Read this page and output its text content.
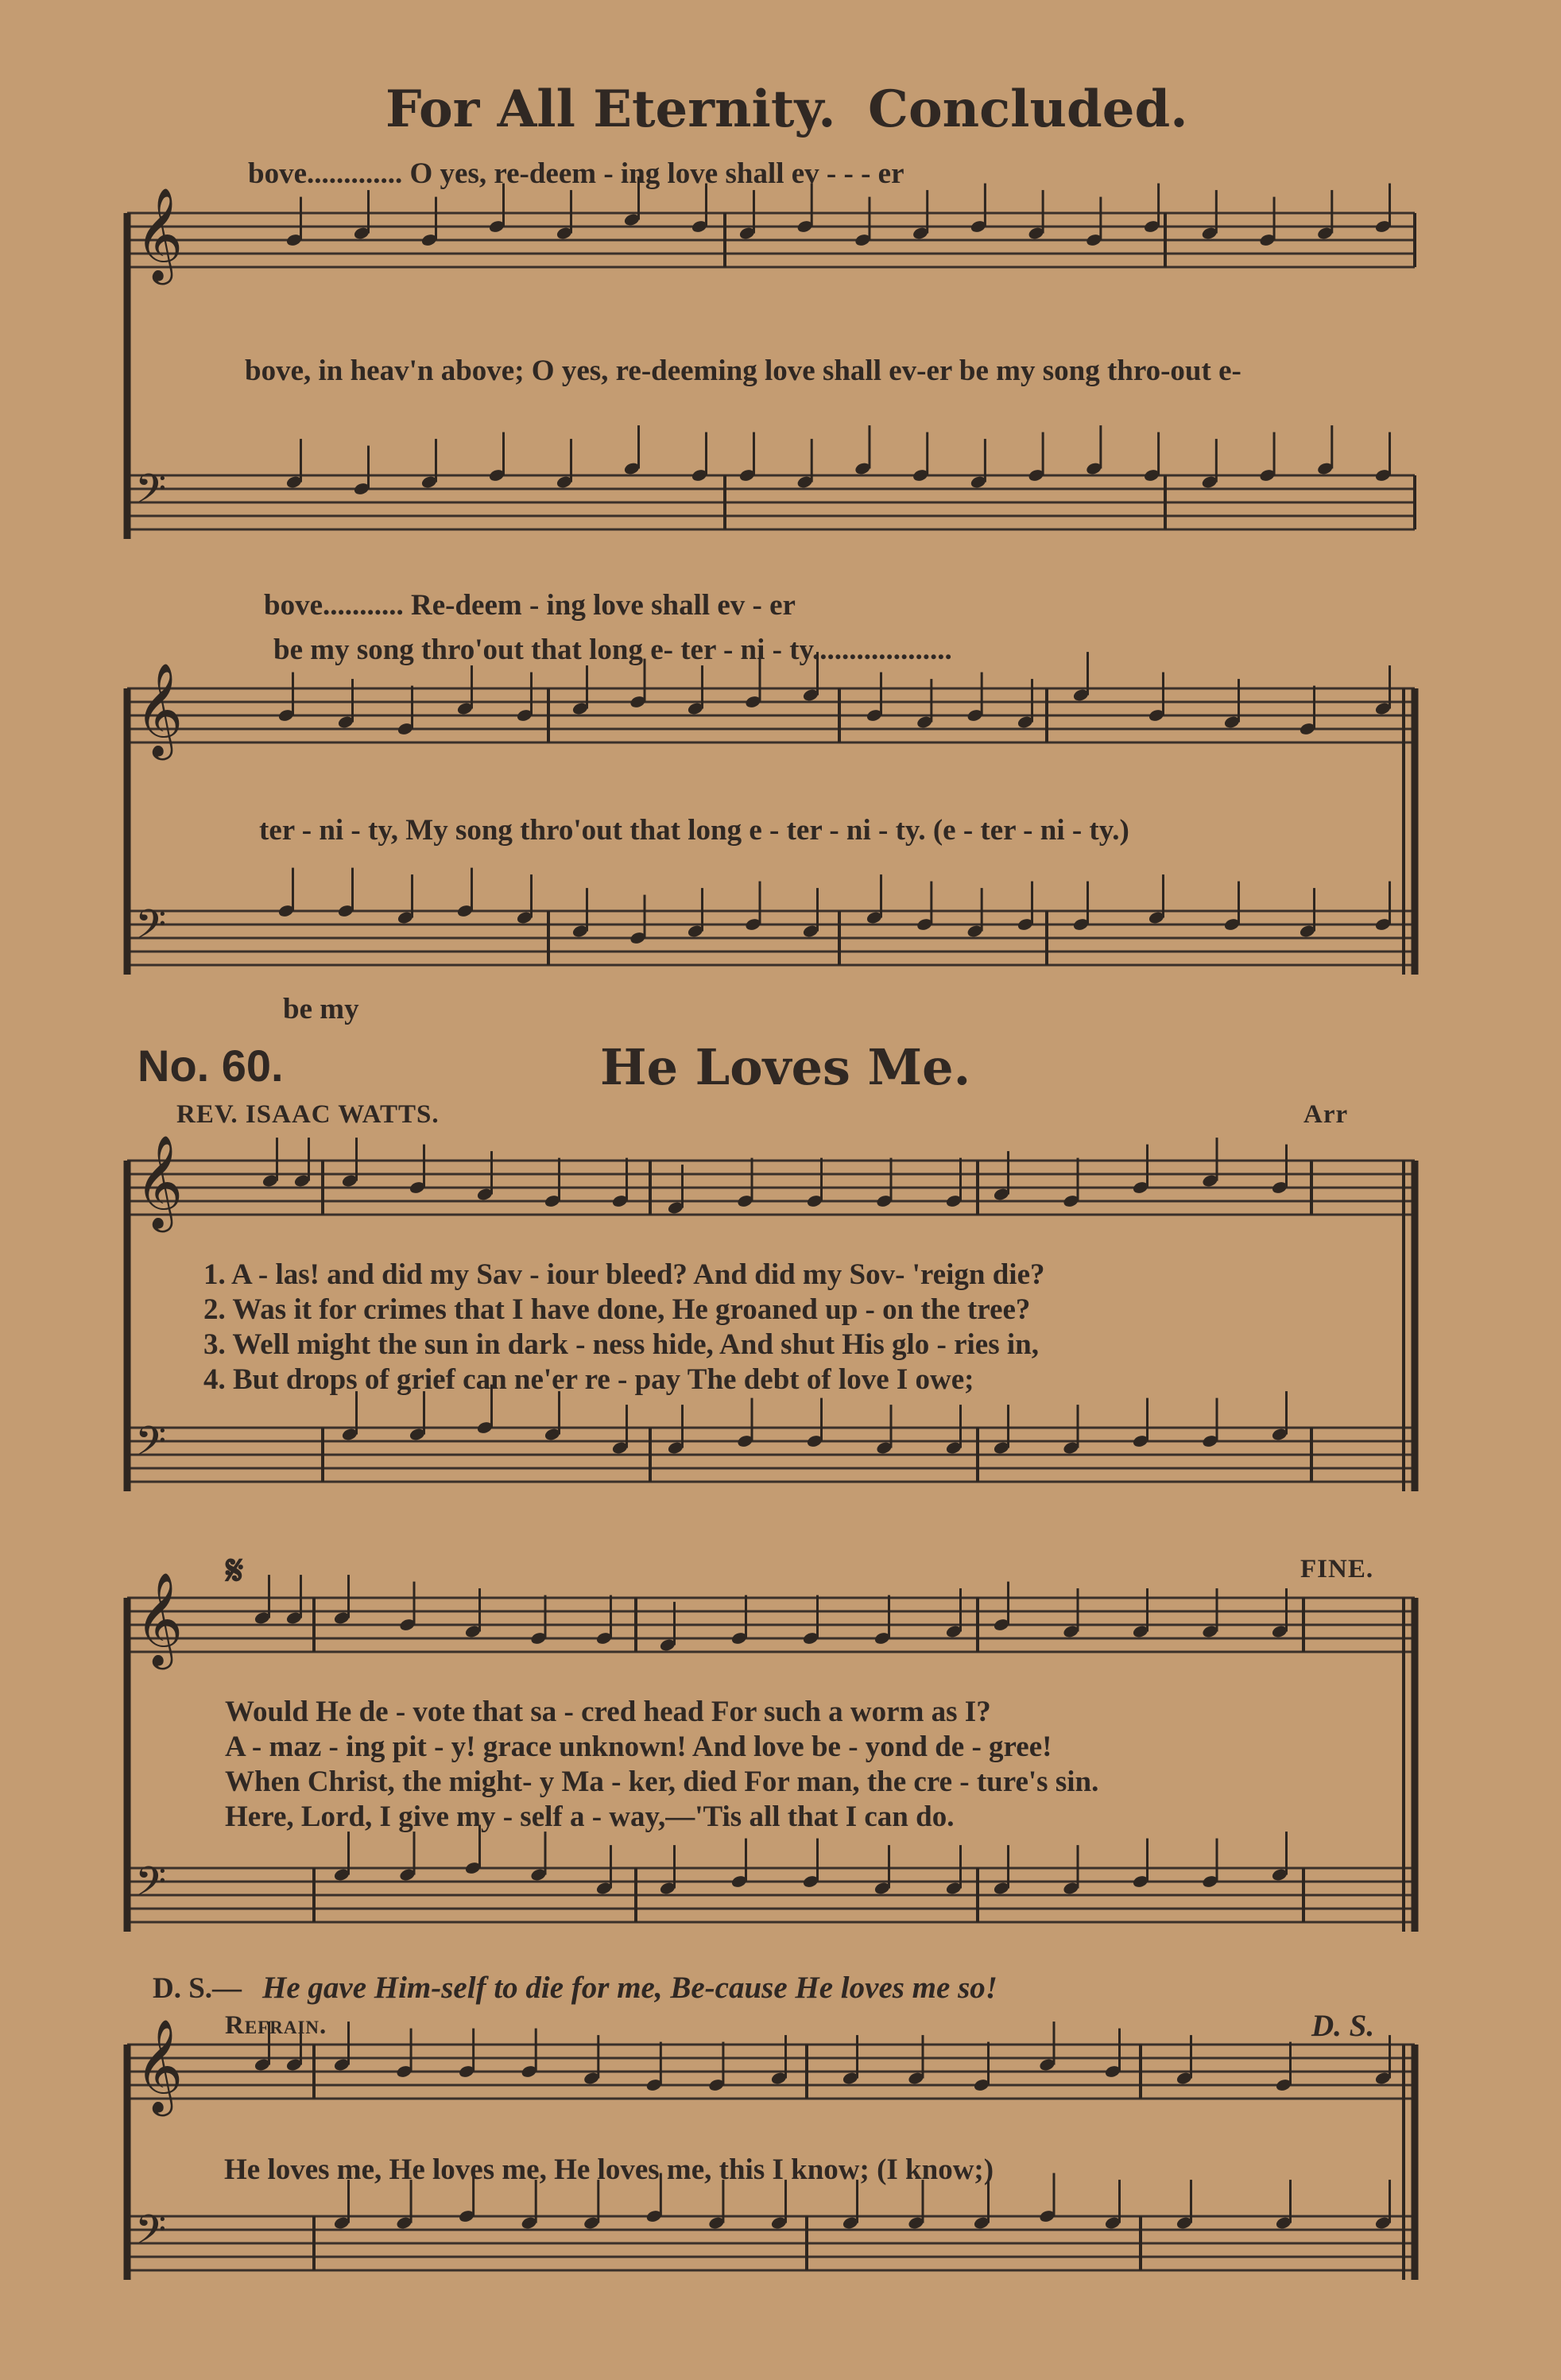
𝄞
𝄢
𝄞
𝄢
𝄞
𝄢
𝄞
𝄢
𝄞
𝄢
For All Eternity. Concluded.
bove............. O yes, re-deem - ing love shall ev - - - er
bove, in heav'n above; O yes, re-deeming love shall ev-er be my song thro-out e-
bove........... Re-deem - ing love shall ev - er
be my song thro'out that long e- ter - ni - ty...................
ter - ni - ty, My song thro'out that long e - ter - ni - ty. (e - ter - ni - ty.)
be my
No. 60.	He Loves Me.
REV. ISAAC WATTS.	Arr
1. A - las! and did my Sav - iour bleed? And did my Sov- 'reign die?
2. Was it for crimes that I have done, He groaned up - on the tree?
3. Well might the sun in dark - ness hide, And shut His glo - ries in,
4. But drops of grief can ne'er re - pay The debt of love I owe;
𝄋	FINE.
Would He de - vote that sa - cred head For such a worm as I?
A - maz - ing pit - y! grace unknown! And love be - yond de - gree!
When Christ, the might- y Ma - ker, died For man, the cre - ture's sin.
Here, Lord, I give my - self a - way,—'Tis all that I can do.
D. S.— He gave Him-self to die for me, Be-cause He loves me so!
Refrain.	D. S.
He loves me, He loves me, He loves me, this I know; (I know;)
